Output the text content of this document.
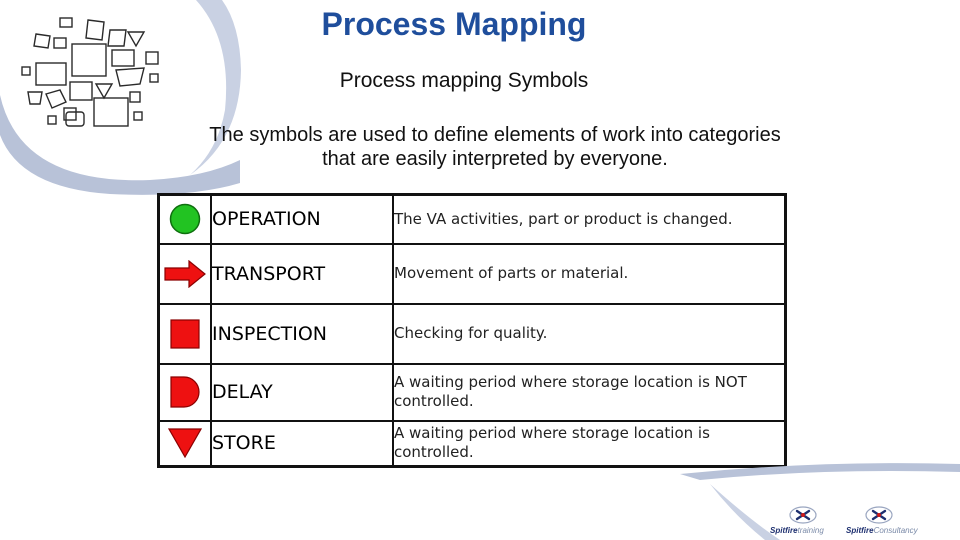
Process Mapping
Process mapping Symbols
The symbols are used to define elements of work into categories that are easily interpreted by everyone.
	OPERATION	The VA activities, part or product is changed.

	TRANSPORT	Movement of parts or material.

	INSPECTION	Checking for quality.

	DELAY	A waiting period where storage location is NOT controlled.

	STORE	A waiting period where storage location is controlled.
Spitfiretraining	SpitfireConsultancy
